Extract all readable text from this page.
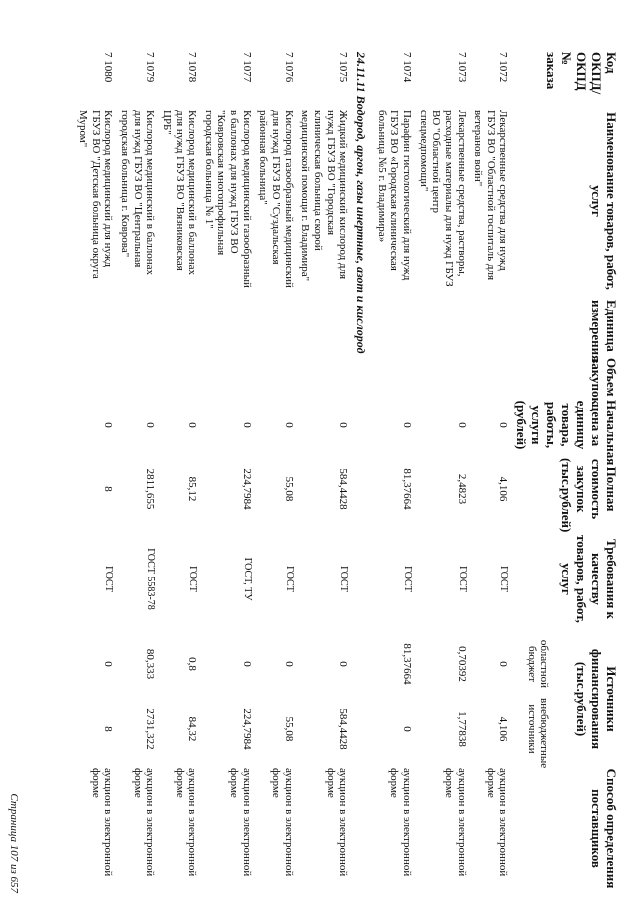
Код ОКПД/ ОКПД № заказа	Наименование товаров, работ, услуг	Единица измерения	Объем закупок	Начальная цена за единицу товара, работы, услуги (рублей)	Полная стоимость закупок (тыс.рублей)	Требования к качеству товаров, работ, услуг	Источники финансирования (тыс.рублей)		Способ определения поставщиков
							областной бюджет	внебюджетные источники	
7 1072	Лекарственные средства для нужд ГБУЗ ВО "Областной госпиталь для ветеранов войн"			0	4,106	ГОСТ	0	4,106	аукцион в электронной форме
7 1073	Лекарственные средства, растворы, расходные материалы для нужд ГБУЗ ВО "Областной центр спецмедпомощи"			0	2,4823	ГОСТ	0,70392	1,77838	аукцион в электронной форме
7 1074	Парафин гистологический для нужд ГБУЗ ВО «Городская клиническая больница №5 г. Владимира»			0	81,37664	ГОСТ	81,37664	0	аукцион в электронной форме
24.11.11 Водород, аргон, газы инертные, азот и кислород									
7 1075	Жидкий медицинский кислород для нужд ГБУЗ ВО "Городская клиническая больница скорой медицинской помощи г. Владимира"			0	584,4428	ГОСТ	0	584,4428	аукцион в электронной форме
7 1076	Кислород газообразный медицинский для нужд ГБУЗ ВО "Суздальская районная больница"			0	55,08	ГОСТ	0	55,08	аукцион в электронной форме
7 1077	Кислород медицинский газообразный в баллонах для нужд ГБУЗ ВО "Ковровская многопрофильная городская больница № 1"			0	224,7984	ГОСТ, ТУ	0	224,7984	аукцион в электронной форме
7 1078	Кислород медицинский в баллонах для нужд ГБУЗ ВО "Вязниковская ЦРБ"			0	85,12	ГОСТ	0,8	84,32	аукцион в электронной форме
7 1079	Кислород медицинский в баллонах для нужд ГБУЗ ВО "Центральная городская больница г. Коврова"			0	2811,655	ГОСТ 5583-78	80,333	2731,322	аукцион в электронной форме
7 1080	Кислород медицинский для нужд ГБУЗ ВО "Детская больница округа Муром"			0	8	ГОСТ	0	8	аукцион в электронной форме
Страница 107 из 657
